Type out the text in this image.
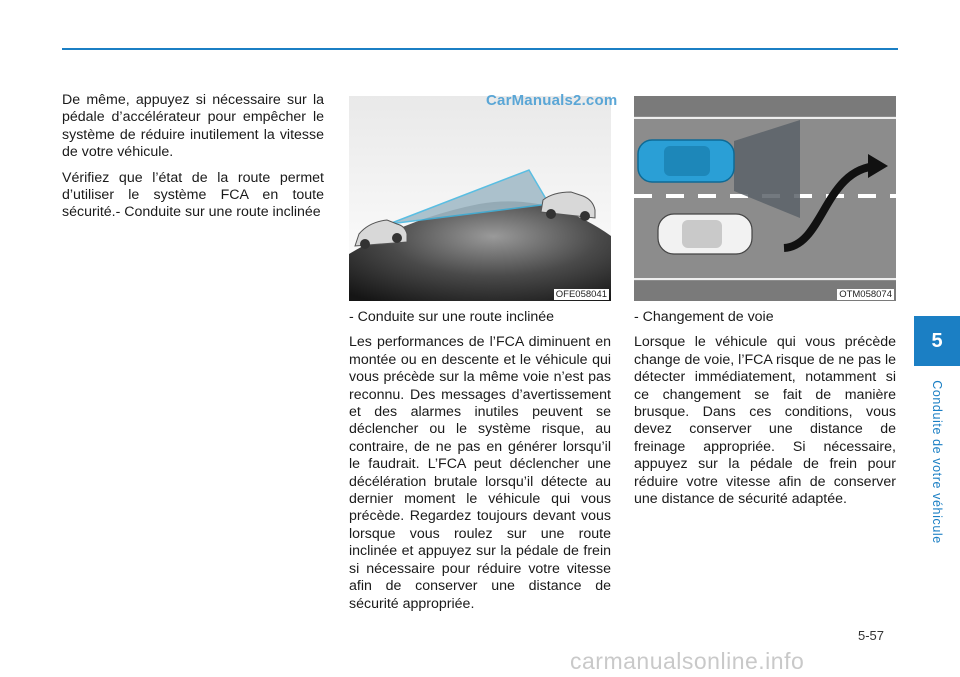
De même, appuyez si nécessaire sur la pédale d’accélérateur pour empêcher le système de réduire inutilement la vitesse de votre véhicule.

Vérifiez que l’état de la route permet d’utiliser le système FCA en toute sécurité.- Conduite sur une route inclinée

OFE058041
CarManuals2.com
OTM058074

- Conduite sur une route inclinée

Les performances de l’FCA diminuent en montée ou en descente et le véhicule qui vous précède sur la même voie n’est pas reconnu. Des messages d’avertissement et des alarmes inutiles peuvent se déclencher ou le système risque, au contraire, de ne pas en générer lorsqu’il le faudrait. L’FCA peut déclencher une décélération brutale lorsqu’il détecte au dernier moment le véhicule qui vous précède. Regardez toujours devant vous lorsque vous roulez sur une route inclinée et appuyez sur la pédale de frein si nécessaire pour réduire votre vitesse afin de conserver une distance de sécurité appropriée.

- Changement de voie

Lorsque le véhicule qui vous précède change de voie, l’FCA risque de ne pas le détecter immédiatement, notamment si ce changement se fait de manière brusque. Dans ces conditions, vous devez conserver une distance de freinage appropriée. Si nécessaire, appuyez sur la pédale de frein pour réduire votre vitesse afin de conserver une distance de sécurité adaptée.

5
Conduite de votre véhicule
5-57
carmanualsonline.info
